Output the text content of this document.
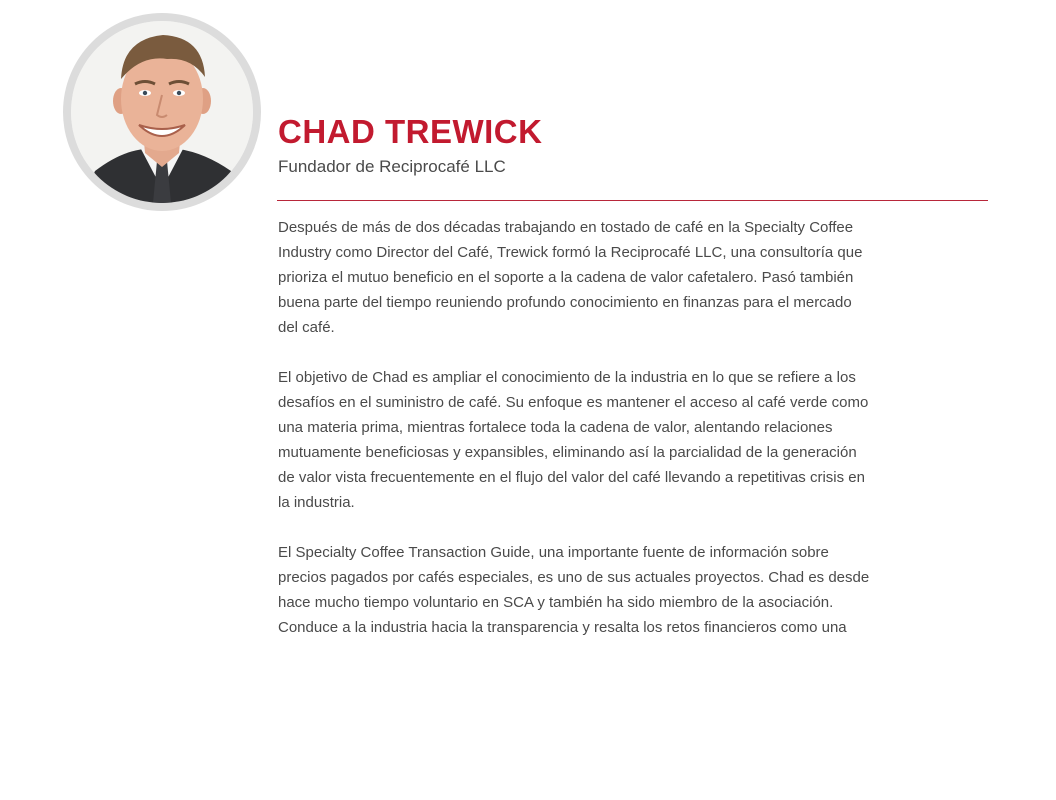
CHAD TREWICK

Fundador de Reciprocafé LLC

Después de más de dos décadas trabajando en tostado de café en la Specialty Coffee
Industry como Director del Café, Trewick formó la Reciprocafé LLC, una consultoría que
prioriza el mutuo beneficio en el soporte a la cadena de valor cafetalero. Pasó también
buena parte del tiempo reuniendo profundo conocimiento en finanzas para el mercado
del café.

El objetivo de Chad es ampliar el conocimiento de la industria en lo que se refiere a los
desafíos en el suministro de café. Su enfoque es mantener el acceso al café verde como
una materia prima, mientras fortalece toda la cadena de valor, alentando relaciones
mutuamente beneficiosas y expansibles, eliminando así la parcialidad de la generación
de valor vista frecuentemente en el flujo del valor del café llevando a repetitivas crisis en
la industria.

El Specialty Coffee Transaction Guide, una importante fuente de información sobre
precios pagados por cafés especiales, es uno de sus actuales proyectos. Chad es desde
hace mucho tiempo voluntario en SCA y también ha sido miembro de la asociación.
Conduce a la industria hacia la transparencia y resalta los retos financieros como una
